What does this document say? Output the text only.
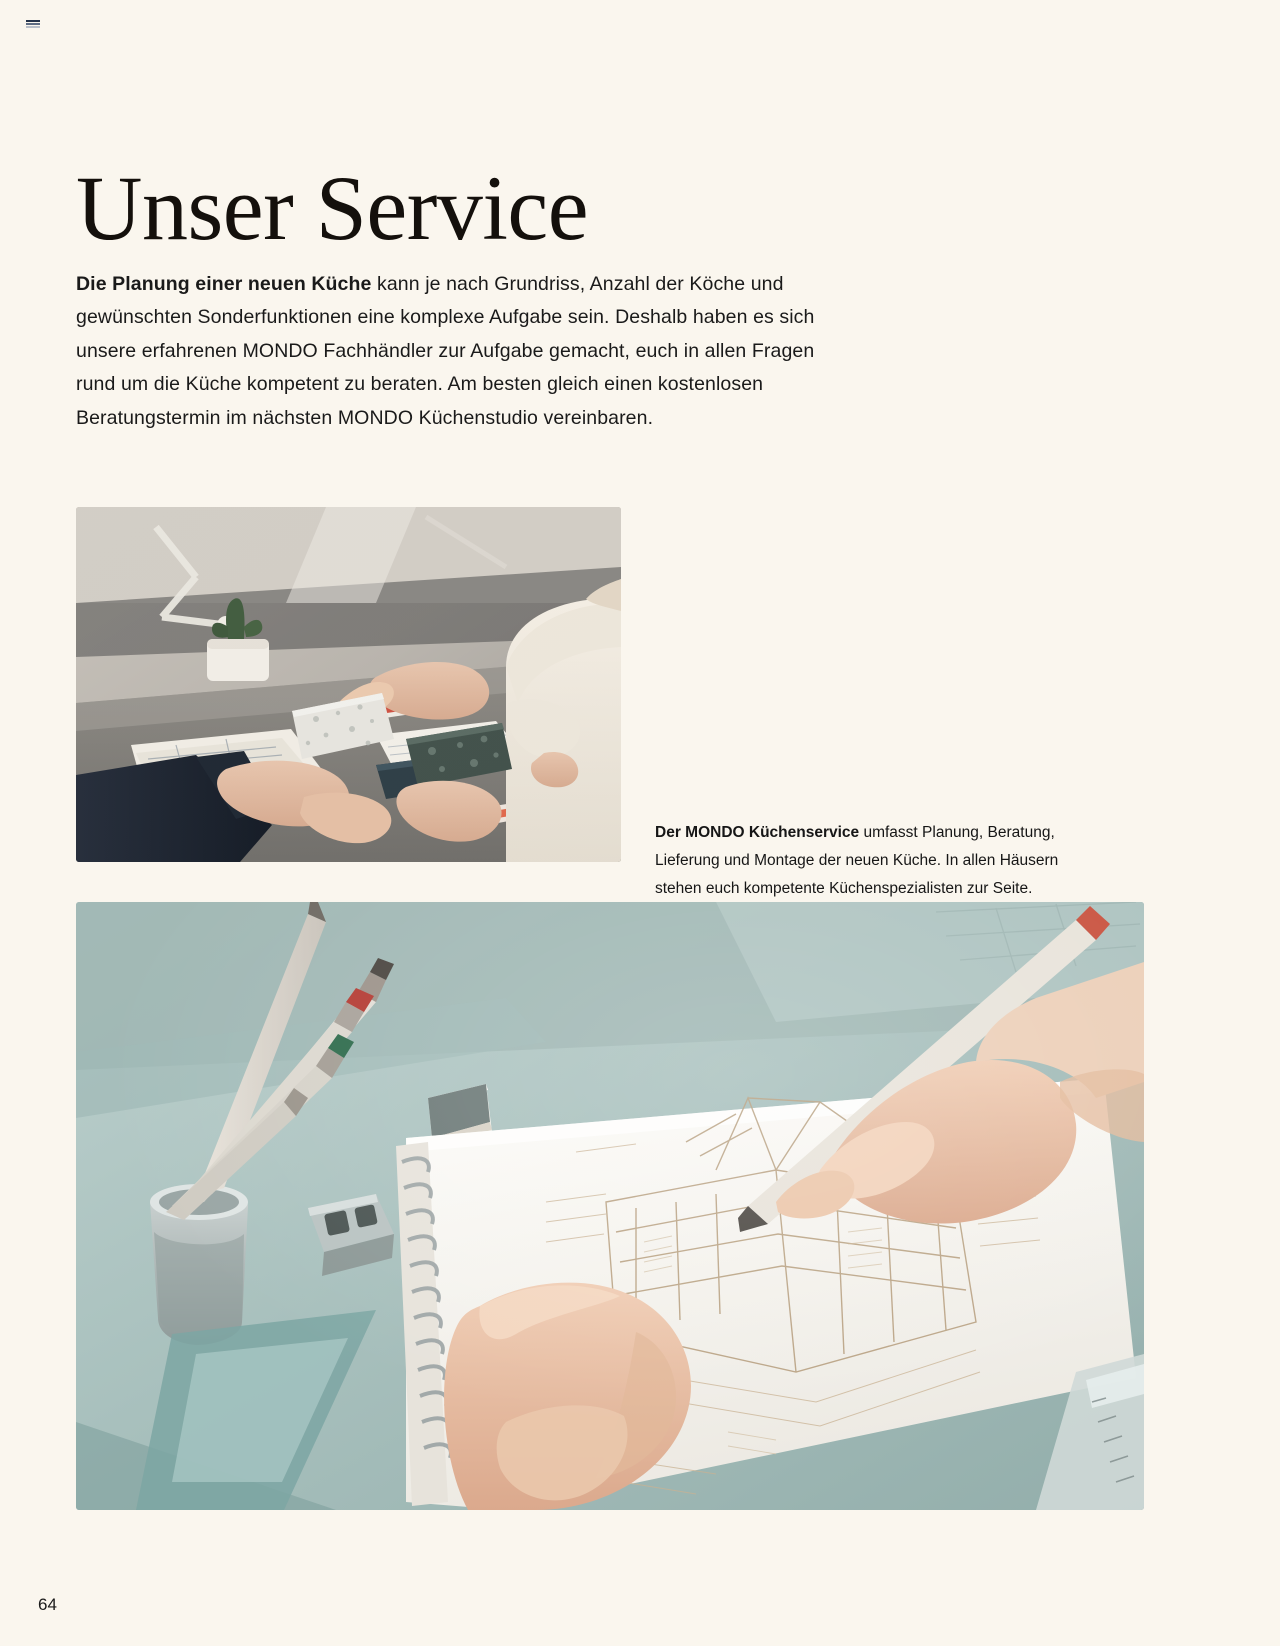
Unser Service

Die Planung einer neuen Küche kann je nach Grundriss, Anzahl der Köche und gewünschten Sonderfunktionen eine komplexe Aufgabe sein. Deshalb haben es sich unsere erfahrenen MONDO Fachhändler zur Aufgabe gemacht, euch in allen Fragen rund um die Küche kompetent zu beraten. Am besten gleich einen kostenlosen Beratungstermin im nächsten MONDO Küchenstudio vereinbaren.

Der MONDO Küchenservice umfasst Planung, Beratung, Lieferung und Montage der neuen Küche. In allen Häusern stehen euch kompetente Küchenspezialisten zur Seite.

64
